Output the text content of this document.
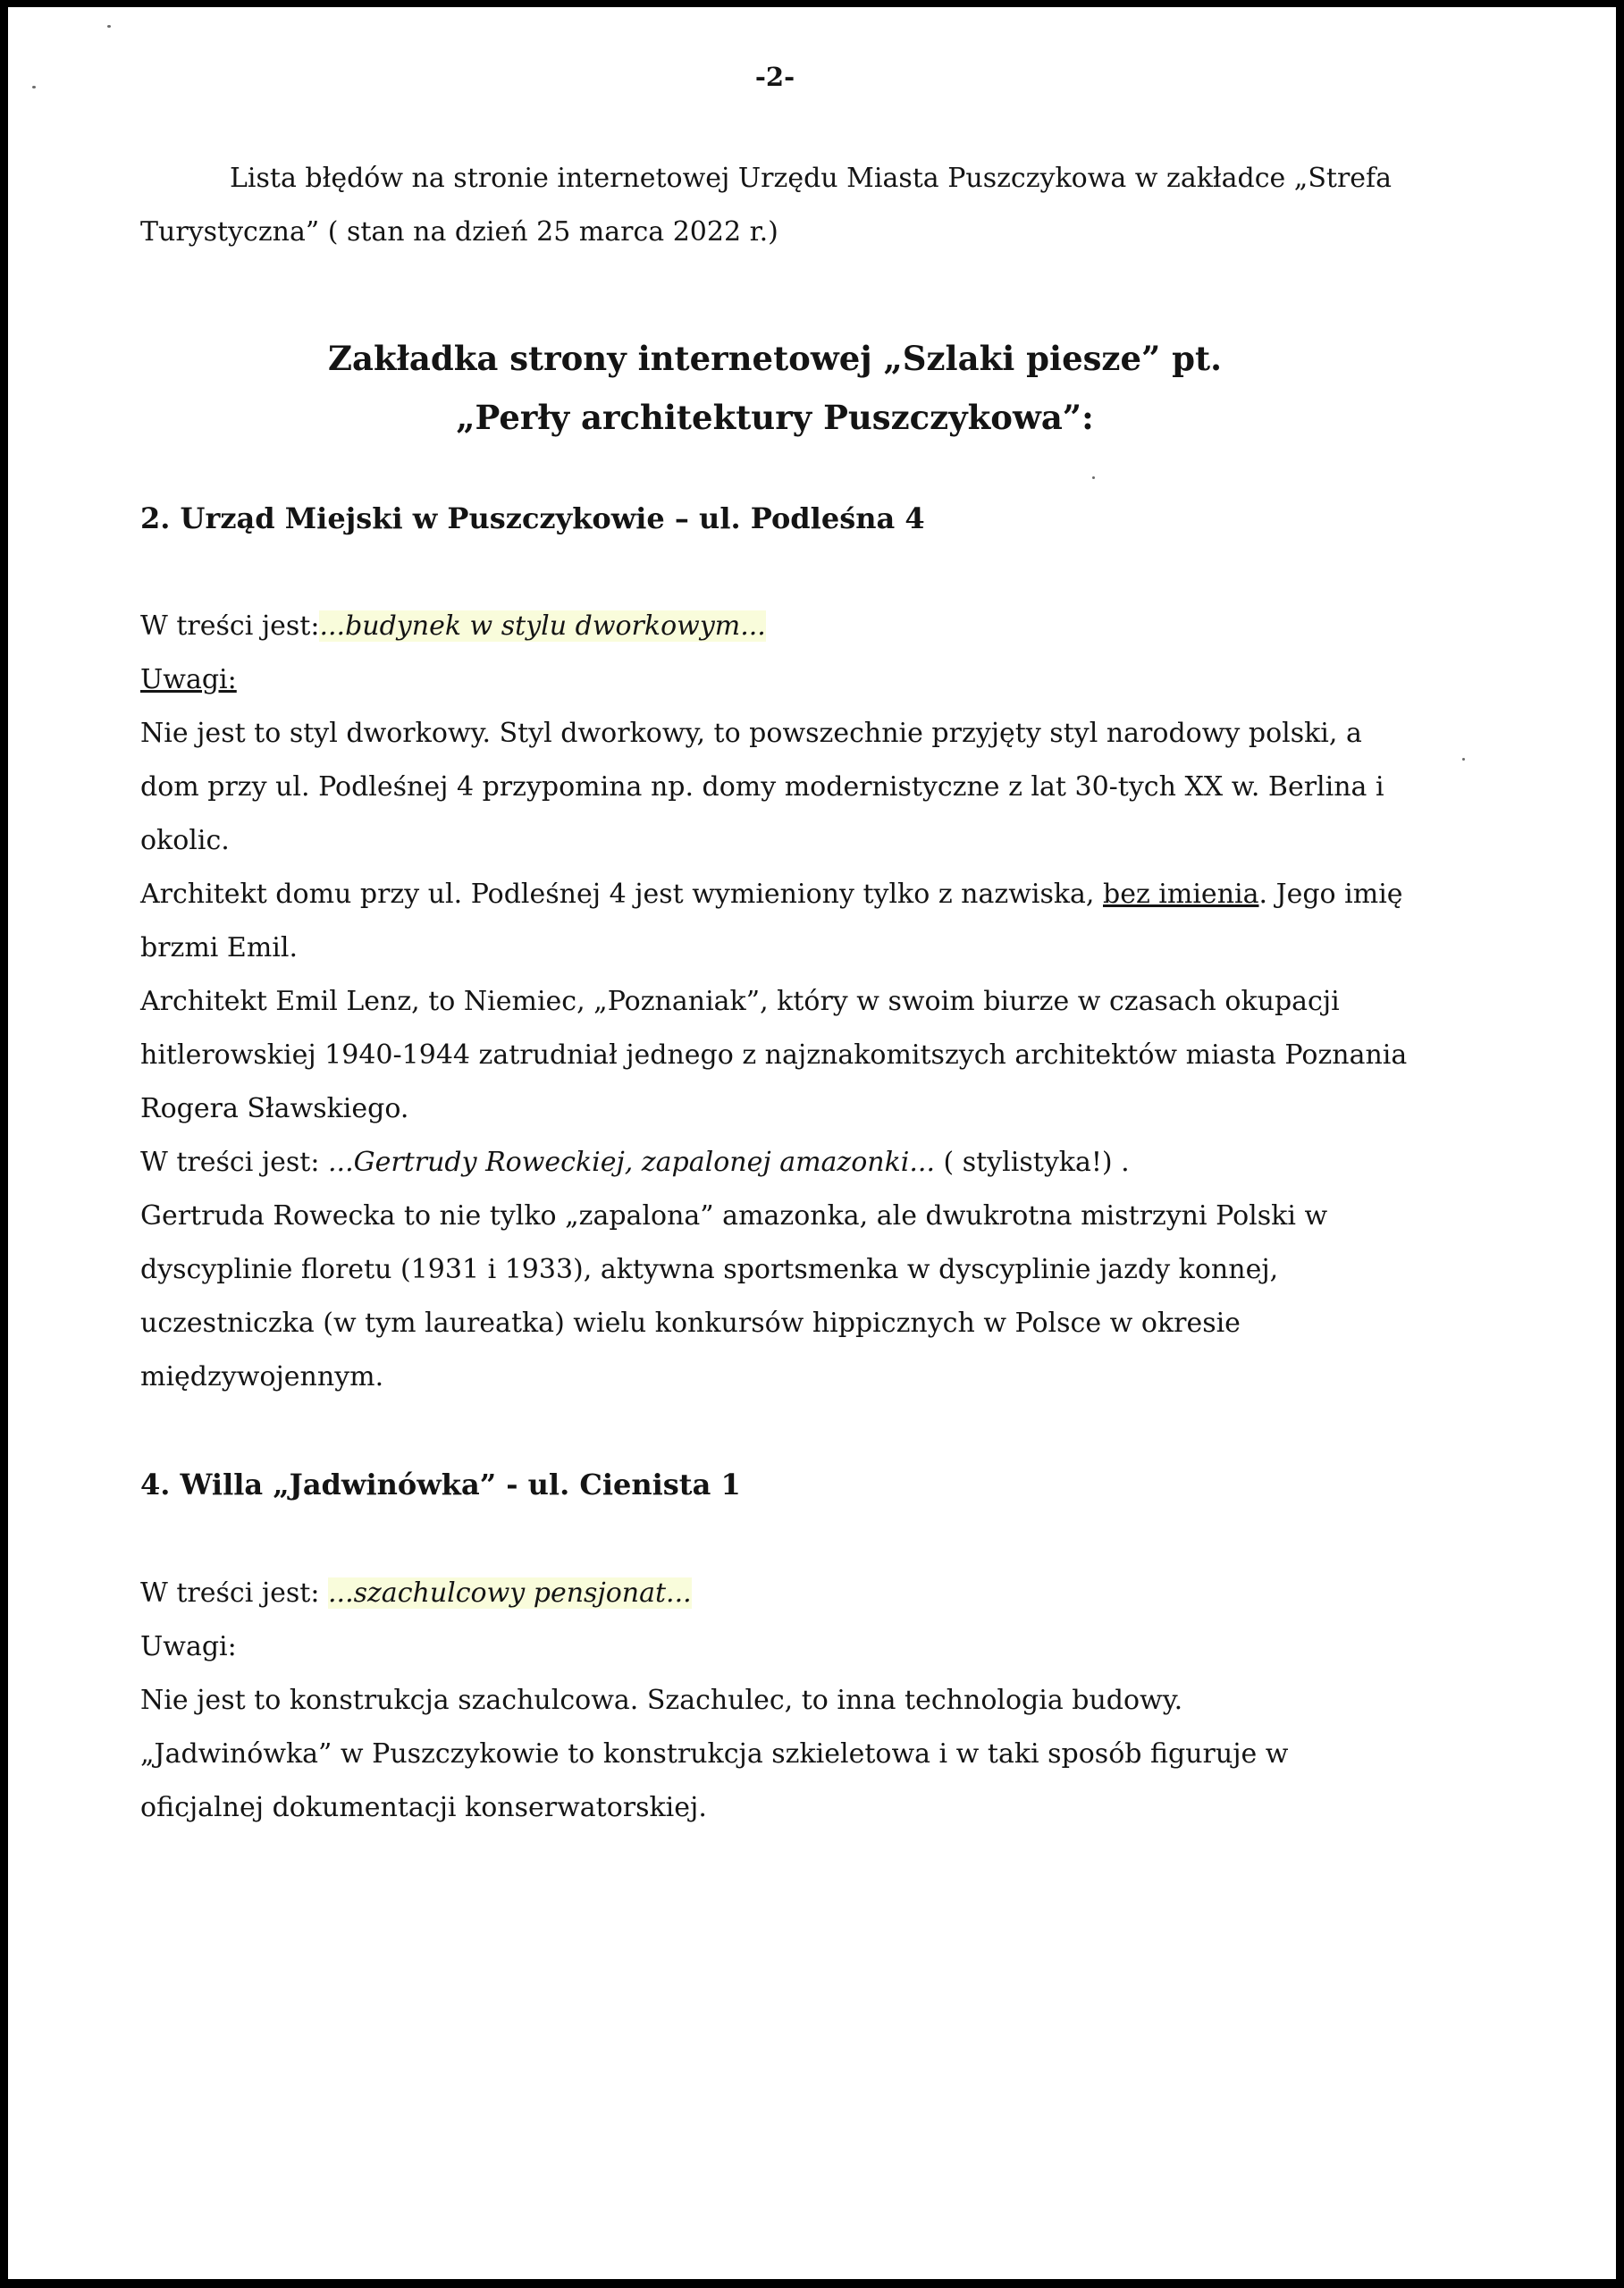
-2-

Lista błędów na stronie internetowej Urzędu Miasta Puszczykowa w zakładce „Strefa Turystyczna” ( stan na dzień 25 marca 2022 r.)

Zakładka strony internetowej „Szlaki piesze” pt.
„Perły architektury Puszczykowa”:
2. Urząd Miejski w Puszczykowie – ul. Podleśna 4

W treści jest:...budynek w stylu dworkowym...

Uwagi:

Nie jest to styl dworkowy. Styl dworkowy, to powszechnie przyjęty styl narodowy polski, a dom przy ul. Podleśnej 4 przypomina np. domy modernistyczne z lat 30-tych XX w. Berlina i okolic.

Architekt domu przy ul. Podleśnej 4 jest wymieniony tylko z nazwiska, bez imienia. Jego imię brzmi Emil.

Architekt Emil Lenz, to Niemiec, „Poznaniak”, który w swoim biurze w czasach okupacji hitlerowskiej 1940-1944 zatrudniał jednego z najznakomitszych architektów miasta Poznania Rogera Sławskiego.

W treści jest: ...Gertrudy Roweckiej, zapalonej amazonki... ( stylistyka!) .

Gertruda Rowecka to nie tylko „zapalona” amazonka, ale dwukrotna mistrzyni Polski w dyscyplinie floretu (1931 i 1933), aktywna sportsmenka w dyscyplinie jazdy konnej, uczestniczka (w tym laureatka) wielu konkursów hippicznych w Polsce w okresie międzywojennym.

4. Willa „Jadwinówka” - ul. Cienista 1

W treści jest: ...szachulcowy pensjonat...

Uwagi:

Nie jest to konstrukcja szachulcowa. Szachulec, to inna technologia budowy.

„Jadwinówka” w Puszczykowie to konstrukcja szkieletowa i w taki sposób figuruje w oficjalnej dokumentacji konserwatorskiej.
